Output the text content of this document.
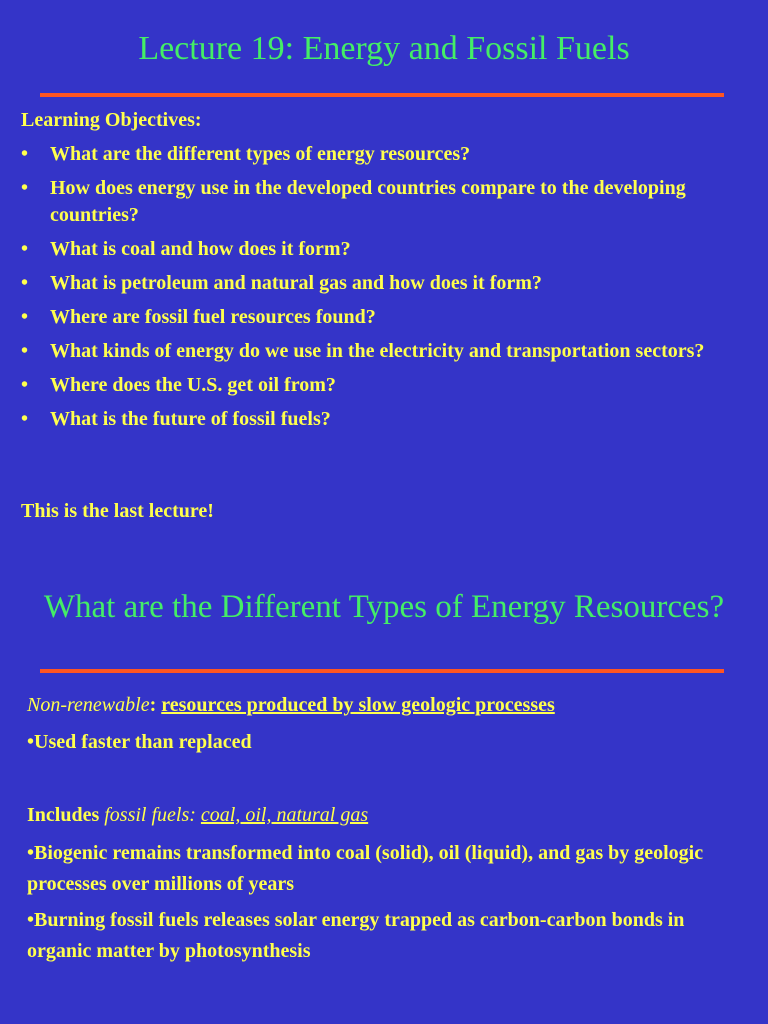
Lecture 19: Energy and Fossil Fuels
Learning Objectives:
• What are the different types of energy resources?
• How does energy use in the developed countries compare to the developing countries?
• What is coal and how does it form?
• What is petroleum and natural gas and how does it form?
• Where are fossil fuel resources found?
• What kinds of energy do we use in the electricity and transportation sectors?
• Where does the U.S. get oil from?
• What is the future of fossil fuels?
This is the last lecture!
What are the Different Types of Energy Resources?
Non-renewable: resources produced by slow geologic processes
•Used faster than replaced
Includes fossil fuels: coal, oil, natural gas
•Biogenic remains transformed into coal (solid), oil (liquid), and gas by geologic processes over millions of years
•Burning fossil fuels releases solar energy trapped as carbon-carbon bonds in organic matter by photosynthesis
